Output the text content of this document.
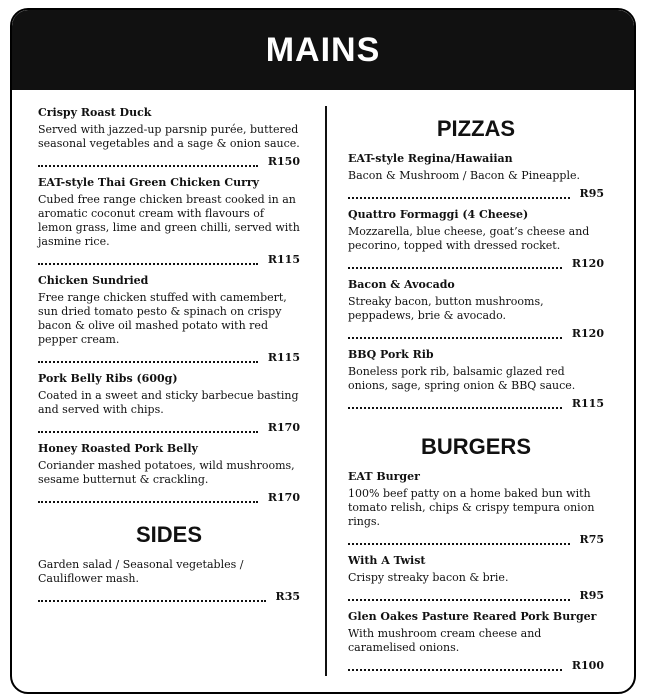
MAINS

Crispy Roast Duck

Served with jazzed-up parsnip purée, buttered seasonal vegetables and a sage & onion sauce.

R150

EAT-style Thai Green Chicken Curry

Cubed free range chicken breast cooked in an aromatic coconut cream with flavours of lemon grass, lime and green chilli, served with jasmine rice.

R115

Chicken Sundried

Free range chicken stuffed with camembert, sun dried tomato pesto & spinach on crispy bacon & olive oil mashed potato with red pepper cream.

R115

Pork Belly Ribs (600g)

Coated in a sweet and sticky barbecue basting and served with chips.

R170

Honey Roasted Pork Belly

Coriander mashed potatoes, wild mushrooms, sesame butternut & crackling.

R170
SIDES

Garden salad / Seasonal vegetables / Cauliflower mash.

R35
PIZZAS

EAT-style Regina/Hawaiian

Bacon & Mushroom / Bacon & Pineapple.

R95

Quattro Formaggi (4 Cheese)

Mozzarella, blue cheese, goat’s cheese and pecorino, topped with dressed rocket.

R120

Bacon & Avocado

Streaky bacon, button mushrooms, peppadews, brie & avocado.

R120

BBQ Pork Rib

Boneless pork rib, balsamic glazed red onions, sage, spring onion & BBQ sauce.

R115
BURGERS

EAT Burger

100% beef patty on a home baked bun with tomato relish, chips & crispy tempura onion rings.

R75

With A Twist

Crispy streaky bacon & brie.

R95

Glen Oakes Pasture Reared Pork Burger

With mushroom cream cheese and caramelised onions.

R100
